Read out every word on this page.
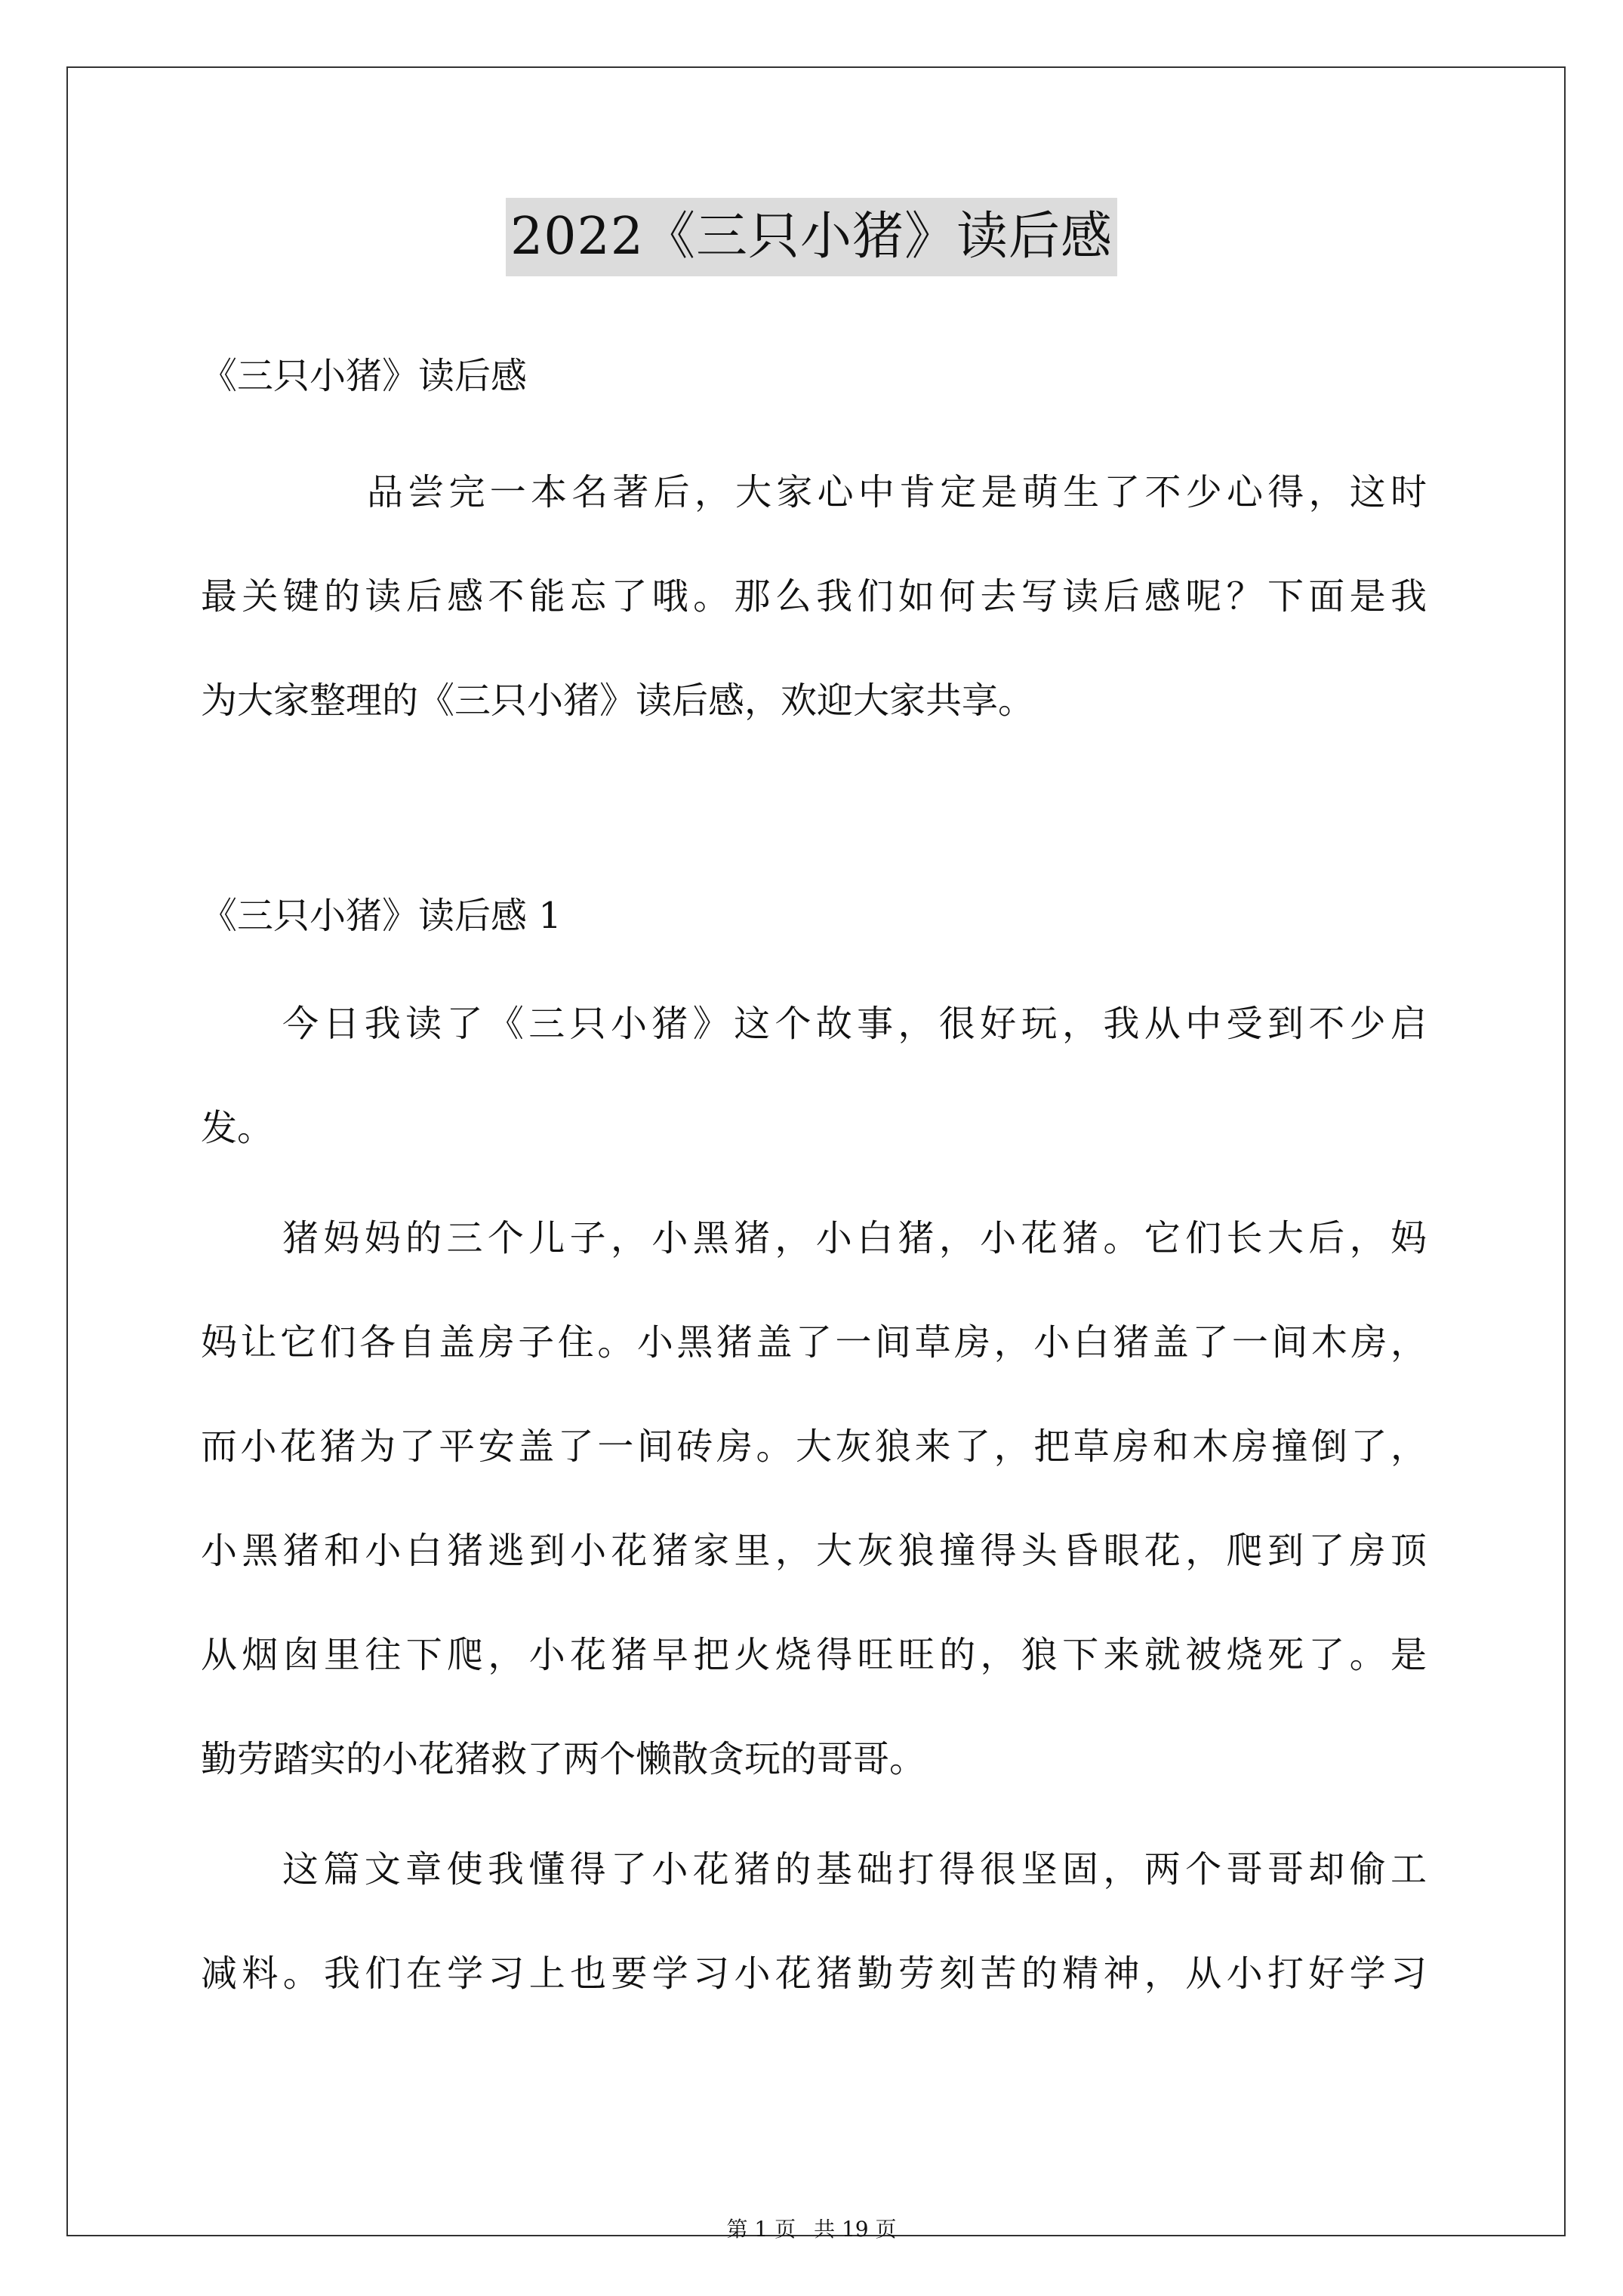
2022《三只小猪》读后感
《三只小猪》读后感
品尝完一本名著后，大家心中肯定是萌生了不少心得，这时
最关键的读后感不能忘了哦。那么我们如何去写读后感呢？下面是我
为大家整理的《三只小猪》读后感，欢迎大家共享。
《三只小猪》读后感 1
今日我读了《三只小猪》这个故事，很好玩，我从中受到不少启
发。
猪妈妈的三个儿子，小黑猪，小白猪，小花猪。它们长大后，妈
妈让它们各自盖房子住。小黑猪盖了一间草房，小白猪盖了一间木房，
而小花猪为了平安盖了一间砖房。大灰狼来了，把草房和木房撞倒了，
小黑猪和小白猪逃到小花猪家里，大灰狼撞得头昏眼花，爬到了房顶
从烟囱里往下爬，小花猪早把火烧得旺旺的，狼下来就被烧死了。是
勤劳踏实的小花猪救了两个懒散贪玩的哥哥。
这篇文章使我懂得了小花猪的基础打得很坚固，两个哥哥却偷工
减料。我们在学习上也要学习小花猪勤劳刻苦的精神，从小打好学习
第 1 页 共 19 页
